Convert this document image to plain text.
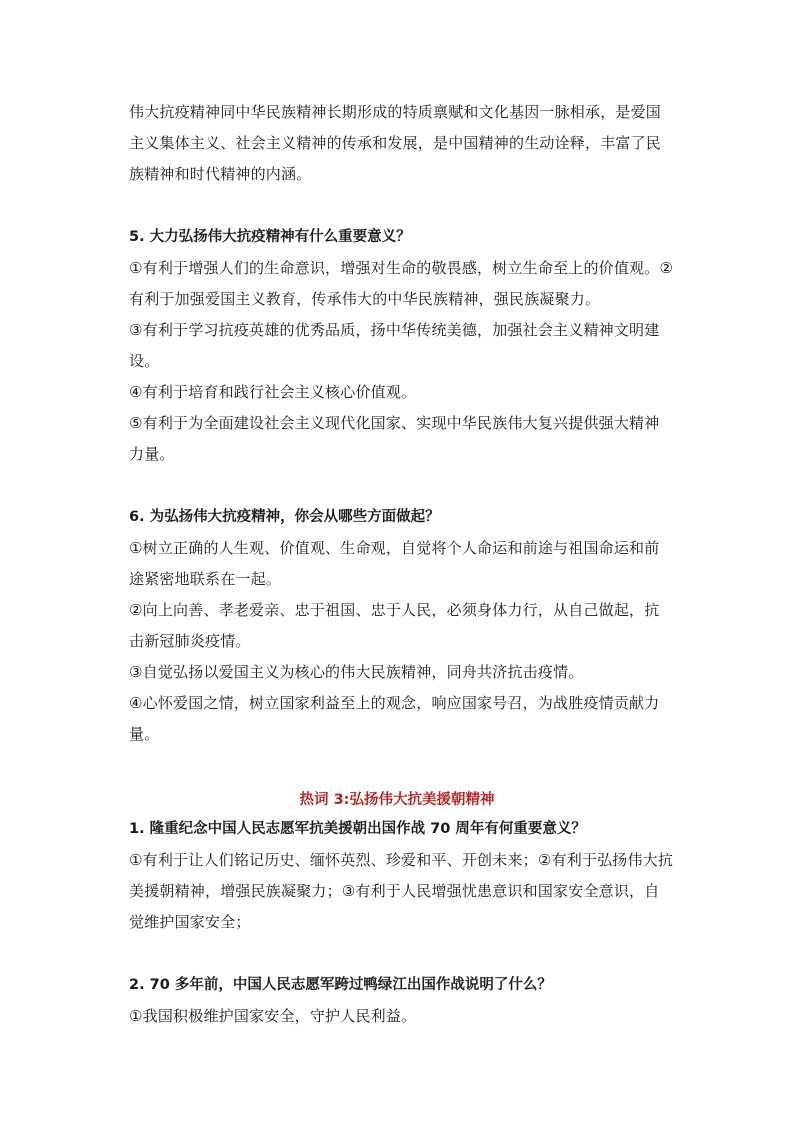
伟大抗疫精神同中华民族精神长期形成的特质禀赋和文化基因一脉相承，是爱国
主义集体主义、社会主义精神的传承和发展，是中国精神的生动诠释，丰富了民
族精神和时代精神的内涵。
5. 大力弘扬伟大抗疫精神有什么重要意义？
①有利于增强人们的生命意识，增强对生命的敬畏感，树立生命至上的价值观。②
有利于加强爱国主义教育，传承伟大的中华民族精神，强民族凝聚力。
③有利于学习抗疫英雄的优秀品质，扬中华传统美德，加强社会主义精神文明建
设。
④有利于培育和践行社会主义核心价值观。
⑤有利于为全面建设社会主义现代化国家、实现中华民族伟大复兴提供强大精神
力量。
6. 为弘扬伟大抗疫精神，你会从哪些方面做起？
①树立正确的人生观、价值观、生命观，自觉将个人命运和前途与祖国命运和前
途紧密地联系在一起。
②向上向善、孝老爱亲、忠于祖国、忠于人民，必须身体力行，从自己做起，抗
击新冠肺炎疫情。
③自觉弘扬以爱国主义为核心的伟大民族精神，同舟共济抗击疫情。
④心怀爱国之情，树立国家利益至上的观念，响应国家号召，为战胜疫情贡献力
量。
热词 3:弘扬伟大抗美援朝精神
1. 隆重纪念中国人民志愿军抗美援朝出国作战 70 周年有何重要意义？
①有利于让人们铭记历史、缅怀英烈、珍爱和平、开创未来；②有利于弘扬伟大抗
美援朝精神，增强民族凝聚力；③有利于人民增强忧患意识和国家安全意识，自
觉维护国家安全；
2. 70 多年前，中国人民志愿军跨过鸭绿江出国作战说明了什么？
①我国积极维护国家安全，守护人民利益。
